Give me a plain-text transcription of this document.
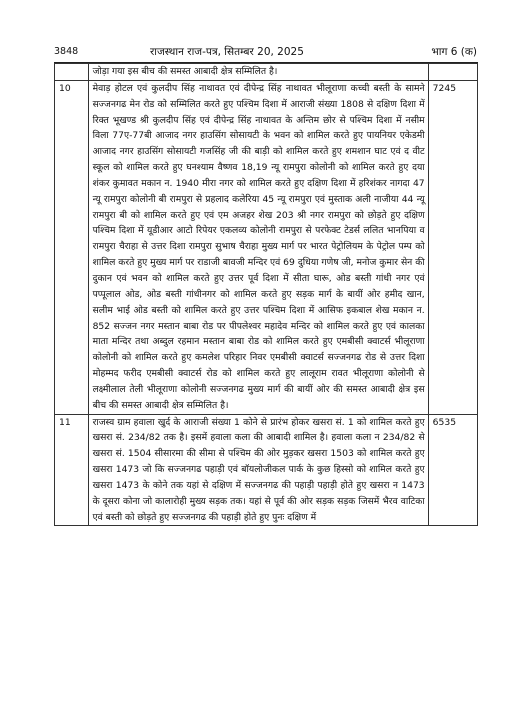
3848	राजस्थान राज-पत्र, सितम्बर 20, 2025	भाग 6 (क)
	जोड़ा गया इस बीच की समस्त आबादी क्षेत्र सम्मिलित है।	
10	मेवाड़ होटल एवं कुलदीप सिंह नाथावत एवं दीपेन्द्र सिंह नाथावत भीलूराणा कच्ची बस्ती के सामने सज्जनगढ मेन रोड को सम्मिलित करते हुए पश्चिम दिशा में आराजी संख्या 1808 से दक्षिण दिशा में रिक्त भूखण्ड श्री कुलदीप सिंह एवं दीपेन्द्र सिंह नाथावत के अन्तिम छोर से पश्चिम दिशा में नसीम विला 77ए-77बी आजाद नगर हाउसिंग सोसायटी के भवन को शामिल करते हुए पायनियर एकेडमी आजाद नगर हाउसिंग सोसायटी गजसिंह जी की बाड़ी को शामिल करते हुए शमशान घाट एवं द वीट स्कूल को शामिल करते हुए घनश्याम वैष्णव 18,19 न्यू रामपुरा कोलोनी को शामिल करते हुए दया शंकर कुमावत मकान न. 1940 मीरा नगर को शामिल करते हुए दक्षिण दिशा में हरिशंकर नागदा 47 न्यू रामपुरा कोलोनी बी रामपुरा से प्रहलाद कलेरिया 45 न्यू रामपुरा एवं मुस्ताक अली नाजीया 44 न्यू रामपुरा बी को शामिल करते हुए एवं एम अजहर शेख 203 श्री नगर रामपुरा को छोड़ते हुए दक्षिण पश्चिम दिशा में यूडीआर आटो रिपेयर एकलव्य कोलोनी रामपुरा से परफेक्ट टेडर्स ललित भानपिया व रामपुरा चैराहा से उत्तर दिशा रामपुरा सुभाष चैराहा मुख्य मार्ग पर भारत पेट्रोलियम के पेट्रोल पम्प को शामिल करते हुए मुख्य मार्ग पर राडाजी बावजी मन्दिर एवं 69 दुधिया गणेष जी, मनोज कुमार सेन की दुकान एवं भवन को शामिल करते हुए उत्तर पूर्व दिशा में सीता घारू, ओड बस्ती गांधी नगर एवं पप्पूलाल ओड, ओड बस्ती गांधीनगर को शामिल करते हुए सड़क मार्ग के बायीं ओर हमीद खान, सलीम भाई ओड बस्ती को शामिल करते हुए उत्तर पश्चिम दिशा में आसिफ इकबाल शेख मकान न. 852 सज्जन नगर मस्तान बाबा रोड पर पीपलेश्वर महादेव मन्दिर को शामिल करते हुए एवं कालका माता मन्दिर तथा अब्दुल रहमान मस्तान बाबा रोड को शामिल करते हुए एमबीसी क्वाटर्स भीलूराणा कोलोनी को शामिल करते हुए कमलेश परिहार निवर एमबीसी क्वाटर्स सज्जनगढ रोड से उत्तर दिशा मोहम्मद फरीद एमबीसी क्वाटर्स रोड को शामिल करते हुए लालूराम रावत भीलूराणा कोलोनी से लक्ष्मीलाल तेली भीलूराणा कोलोनी सज्जनगढ मुख्य मार्ग की बायीं ओर की समस्त आबादी क्षेत्र इस बीच की समस्त आबादी क्षेत्र सम्मिलित है।	7245
11	राजस्व ग्राम हवाला खुर्द के आराजी संख्या 1 कोने से प्रारंभ होकर खसरा सं. 1 को शामिल करते हुए खसरा सं. 234/82 तक है। इसमें हवाला कला की आबादी शामिल है। हवाला कला न 234/82 से खसरा सं. 1504 सीसारमा की सीमा से पश्चिम की ओर मुड़कर खसरा 1503 को शामिल करते हुए खसरा 1473 जो कि सज्जनगढ पहाड़ी एवं बॉयलोजीकल पार्क के कुछ हिस्सो को शामिल करते हुए खसरा 1473 के कोने तक यहां से दक्षिण में सज्जनगढ की पहाड़ी पहाड़ी होते हुए खसरा न 1473 के दूसरा कोना जो कालारोही मुख्य सड़क तक। यहां से पूर्व की ओर सड़क सड़क जिसमें भैरव वाटिका एवं बस्ती को छोड़ते हुए सज्जनगढ की पहाड़ी होते हुए पुनः दक्षिण में	6535
